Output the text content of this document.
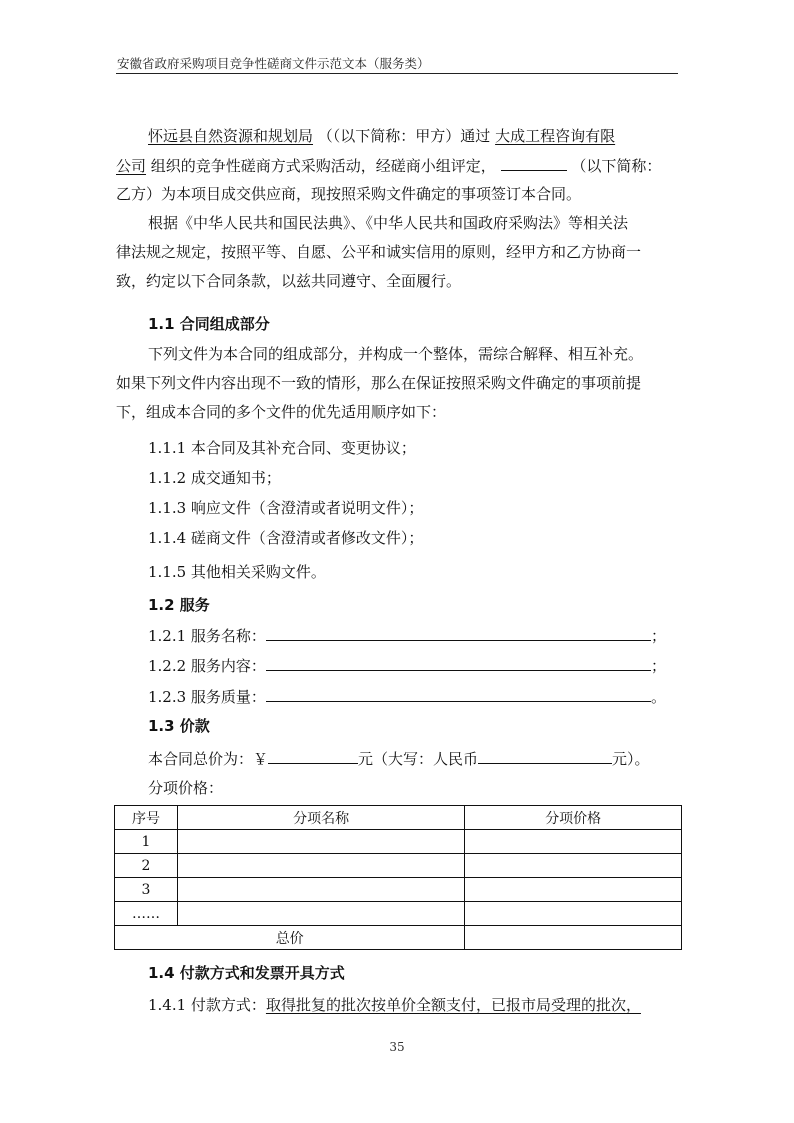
安徽省政府采购项目竞争性磋商文件示范文本（服务类）
怀远县自然资源和规划局 （（以下简称：甲方）通过 大成工程咨询有限
公司 组织的竞争性磋商方式采购活动，经磋商小组评定，	（以下简称：
乙方）为本项目成交供应商，现按照采购文件确定的事项签订本合同。
根据《中华人民共和国民法典》、《中华人民共和国政府采购法》等相关法
律法规之规定，按照平等、自愿、公平和诚实信用的原则，经甲方和乙方协商一
致，约定以下合同条款，以兹共同遵守、全面履行。
1.1 合同组成部分
下列文件为本合同的组成部分，并构成一个整体，需综合解释、相互补充。
如果下列文件内容出现不一致的情形，那么在保证按照采购文件确定的事项前提
下，组成本合同的多个文件的优先适用顺序如下：
1.1.1 本合同及其补充合同、变更协议；
1.1.2 成交通知书；
1.1.3 响应文件（含澄清或者说明文件）；
1.1.4 磋商文件（含澄清或者修改文件）；
1.1.5 其他相关采购文件。
1.2 服务
1.2.1 服务名称：	；
1.2.2 服务内容：	；
1.2.3 服务质量：	。
1.3 价款
本合同总价为：￥	元（大写：人民币	元）。
分项价格：
序号	分项名称	分项价格
1		
2		
3		
……		
总价		
1.4 付款方式和发票开具方式
1.4.1 付款方式：取得批复的批次按单价全额支付，已报市局受理的批次，
35
